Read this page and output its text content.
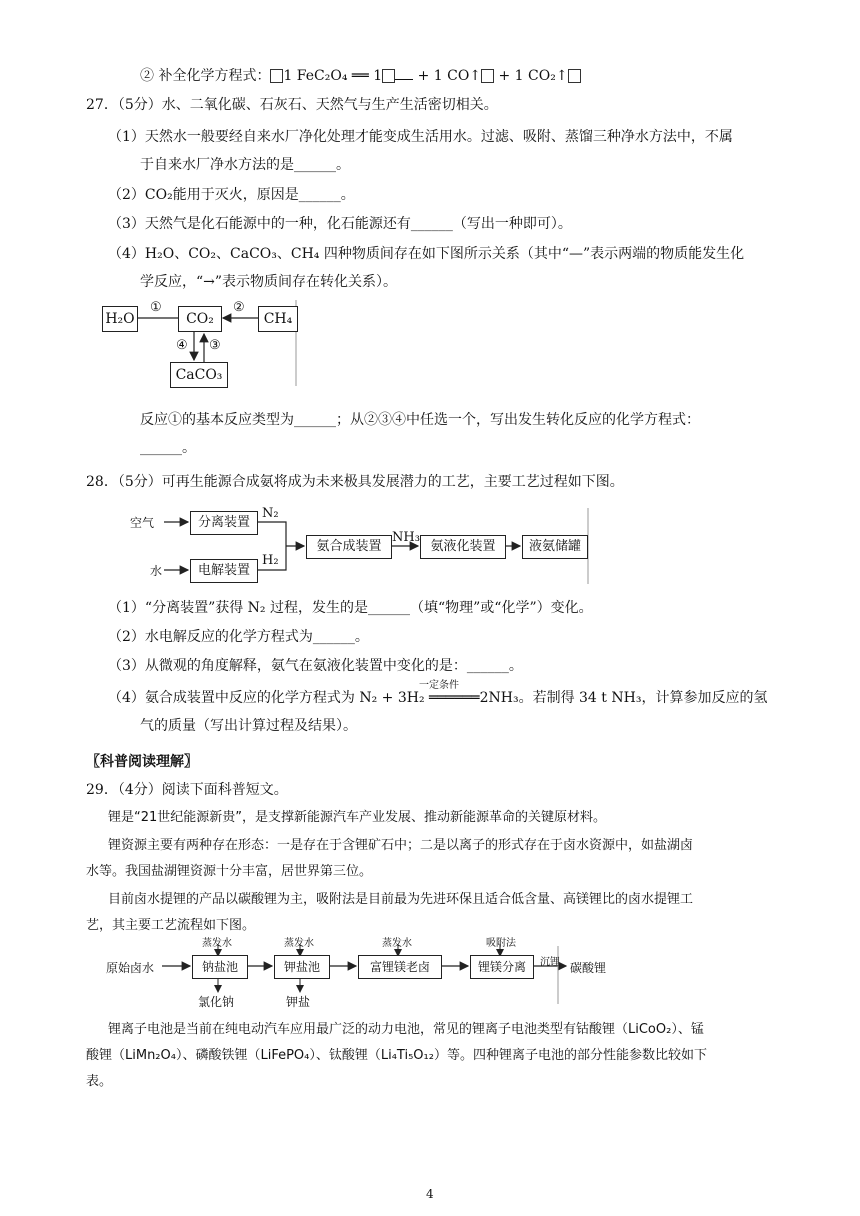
② 补全化学方程式： 1 FeC₂O₄ ══ 1 + 1 CO↑ + 1 CO₂↑
27．（5分）水、二氧化碳、石灰石、天然气与生产生活密切相关。
（1）天然水一般要经自来水厂净化处理才能变成生活用水。过滤、吸附、蒸馏三种净水方法中，不属
于自来水厂净水方法的是______。
（2）CO₂能用于灭火，原因是______。
（3）天然气是化石能源中的一种，化石能源还有______（写出一种即可）。
（4）H₂O、CO₂、CaCO₃、CH₄ 四种物质间存在如下图所示关系（其中“—”表示两端的物质能发生化
学反应，“→”表示物质间存在转化关系）。
H₂O	CO₂	CH₄
CaCO₃
①	②
④ ③
反应①的基本反应类型为______；从②③④中任选一个，写出发生转化反应的化学方程式：
______。
28．（5分）可再生能源合成氨将成为未来极具发展潜力的工艺，主要工艺过程如下图。
空气
水
分离装置
电解装置
N₂
H₂
氨合成装置
NH₃
氨液化装置	液氨储罐
（1）“分离装置”获得 N₂ 过程，发生的是______（填“物理”或“化学”）变化。
（2）水电解反应的化学方程式为______。
（3）从微观的角度解释，氨气在氨液化装置中变化的是：______。
一定条件
（4）氨合成装置中反应的化学方程式为 N₂ + 3H₂ ══════2NH₃。若制得 34 t NH₃，计算参加反应的氢
气的质量（写出计算过程及结果）。
〖科普阅读理解〗
29．（4分）阅读下面科普短文。
锂是“21世纪能源新贵”，是支撑新能源汽车产业发展、推动新能源革命的关键原材料。
锂资源主要有两种存在形态：一是存在于含锂矿石中；二是以离子的形式存在于卤水资源中，如盐湖卤
水等。我国盐湖锂资源十分丰富，居世界第三位。
目前卤水提锂的产品以碳酸锂为主，吸附法是目前最为先进环保且适合低含量、高镁锂比的卤水提锂工
艺，其主要工艺流程如下图。
原始卤水	钠盐池	钾盐池	富锂镁老卤	锂镁分离
蒸发水	蒸发水	蒸发水	吸附法
氯化钠	钾盐
沉锂 碳酸锂
锂离子电池是当前在纯电动汽车应用最广泛的动力电池，常见的锂离子电池类型有钴酸锂（LiCoO₂）、锰
酸锂（LiMn₂O₄）、磷酸铁锂（LiFePO₄）、钛酸锂（Li₄Ti₅O₁₂）等。四种锂离子电池的部分性能参数比较如下
表。
4
